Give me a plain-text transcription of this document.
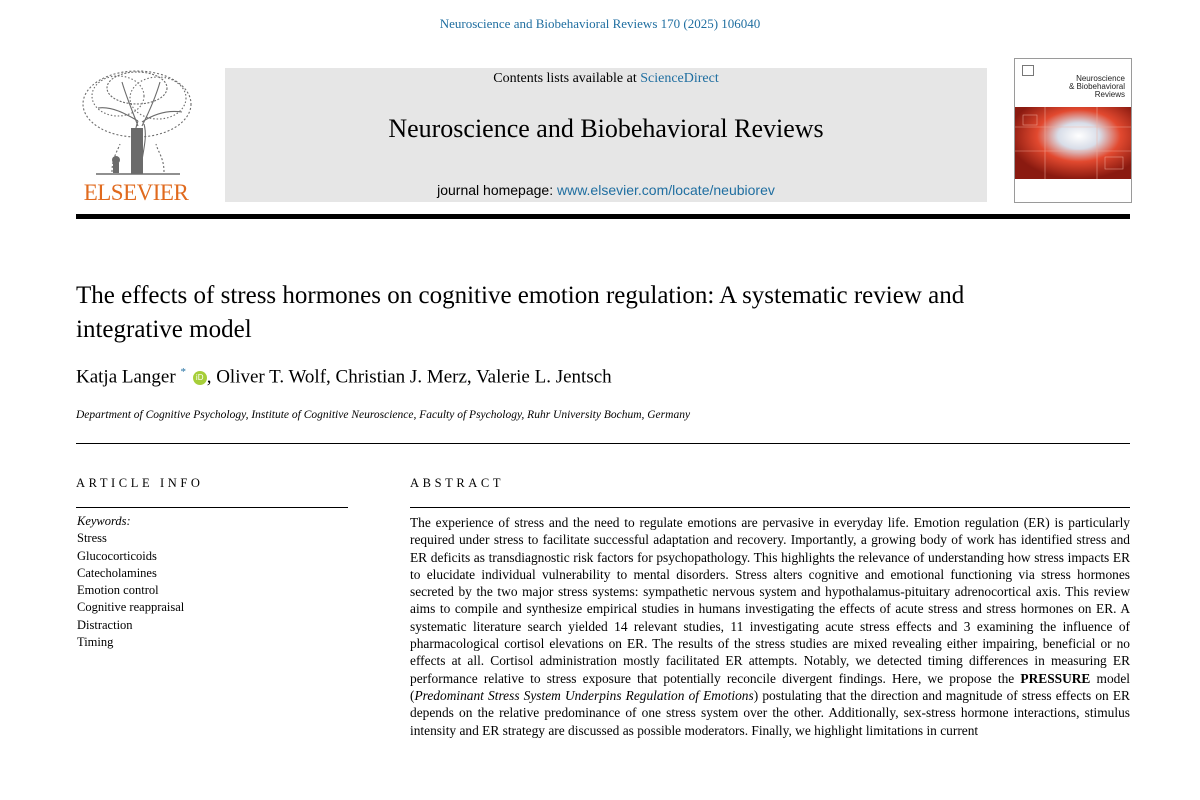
Neuroscience and Biobehavioral Reviews 170 (2025) 106040
ELSEVIER
Contents lists available at ScienceDirect
Neuroscience and Biobehavioral Reviews
journal homepage: www.elsevier.com/locate/neubiorev
Neuroscience
& Biobehavioral
Reviews
The effects of stress hormones on cognitive emotion regulation: A systematic review and integrative model
Katja Langer * iD , Oliver T. Wolf, Christian J. Merz, Valerie L. Jentsch
Department of Cognitive Psychology, Institute of Cognitive Neuroscience, Faculty of Psychology, Ruhr University Bochum, Germany
ARTICLE INFO	ABSTRACT
Keywords:
Stress
Glucocorticoids
Catecholamines
Emotion control
Cognitive reappraisal
Distraction
Timing
The experience of stress and the need to regulate emotions are pervasive in everyday life. Emotion regulation (ER) is particularly required under stress to facilitate successful adaptation and recovery. Importantly, a growing body of work has identified stress and ER deficits as transdiagnostic risk factors for psychopathology. This highlights the relevance of understanding how stress impacts ER to elucidate individual vulnerability to mental disorders. Stress alters cognitive and emotional functioning via stress hormones secreted by the two major stress systems: sympathetic nervous system and hypothalamus-pituitary adrenocortical axis. This review aims to compile and synthesize empirical studies in humans investigating the effects of acute stress and stress hormones on ER. A systematic literature search yielded 14 relevant studies, 11 investigating acute stress effects and 3 examining the influence of pharmacological cortisol elevations on ER. The results of the stress studies are mixed revealing either impairing, beneficial or no effects at all. Cortisol administration mostly facilitated ER attempts. Notably, we detected timing differences in measuring ER performance relative to stress exposure that potentially reconcile divergent findings. Here, we propose the PRESSURE model (Predominant Stress System Underpins Regulation of Emotions) postulating that the direction and magnitude of stress effects on ER depends on the relative predominance of one stress system over the other. Additionally, sex-stress hormone interactions, stimulus intensity and ER strategy are discussed as possible moderators. Finally, we highlight limitations in current
